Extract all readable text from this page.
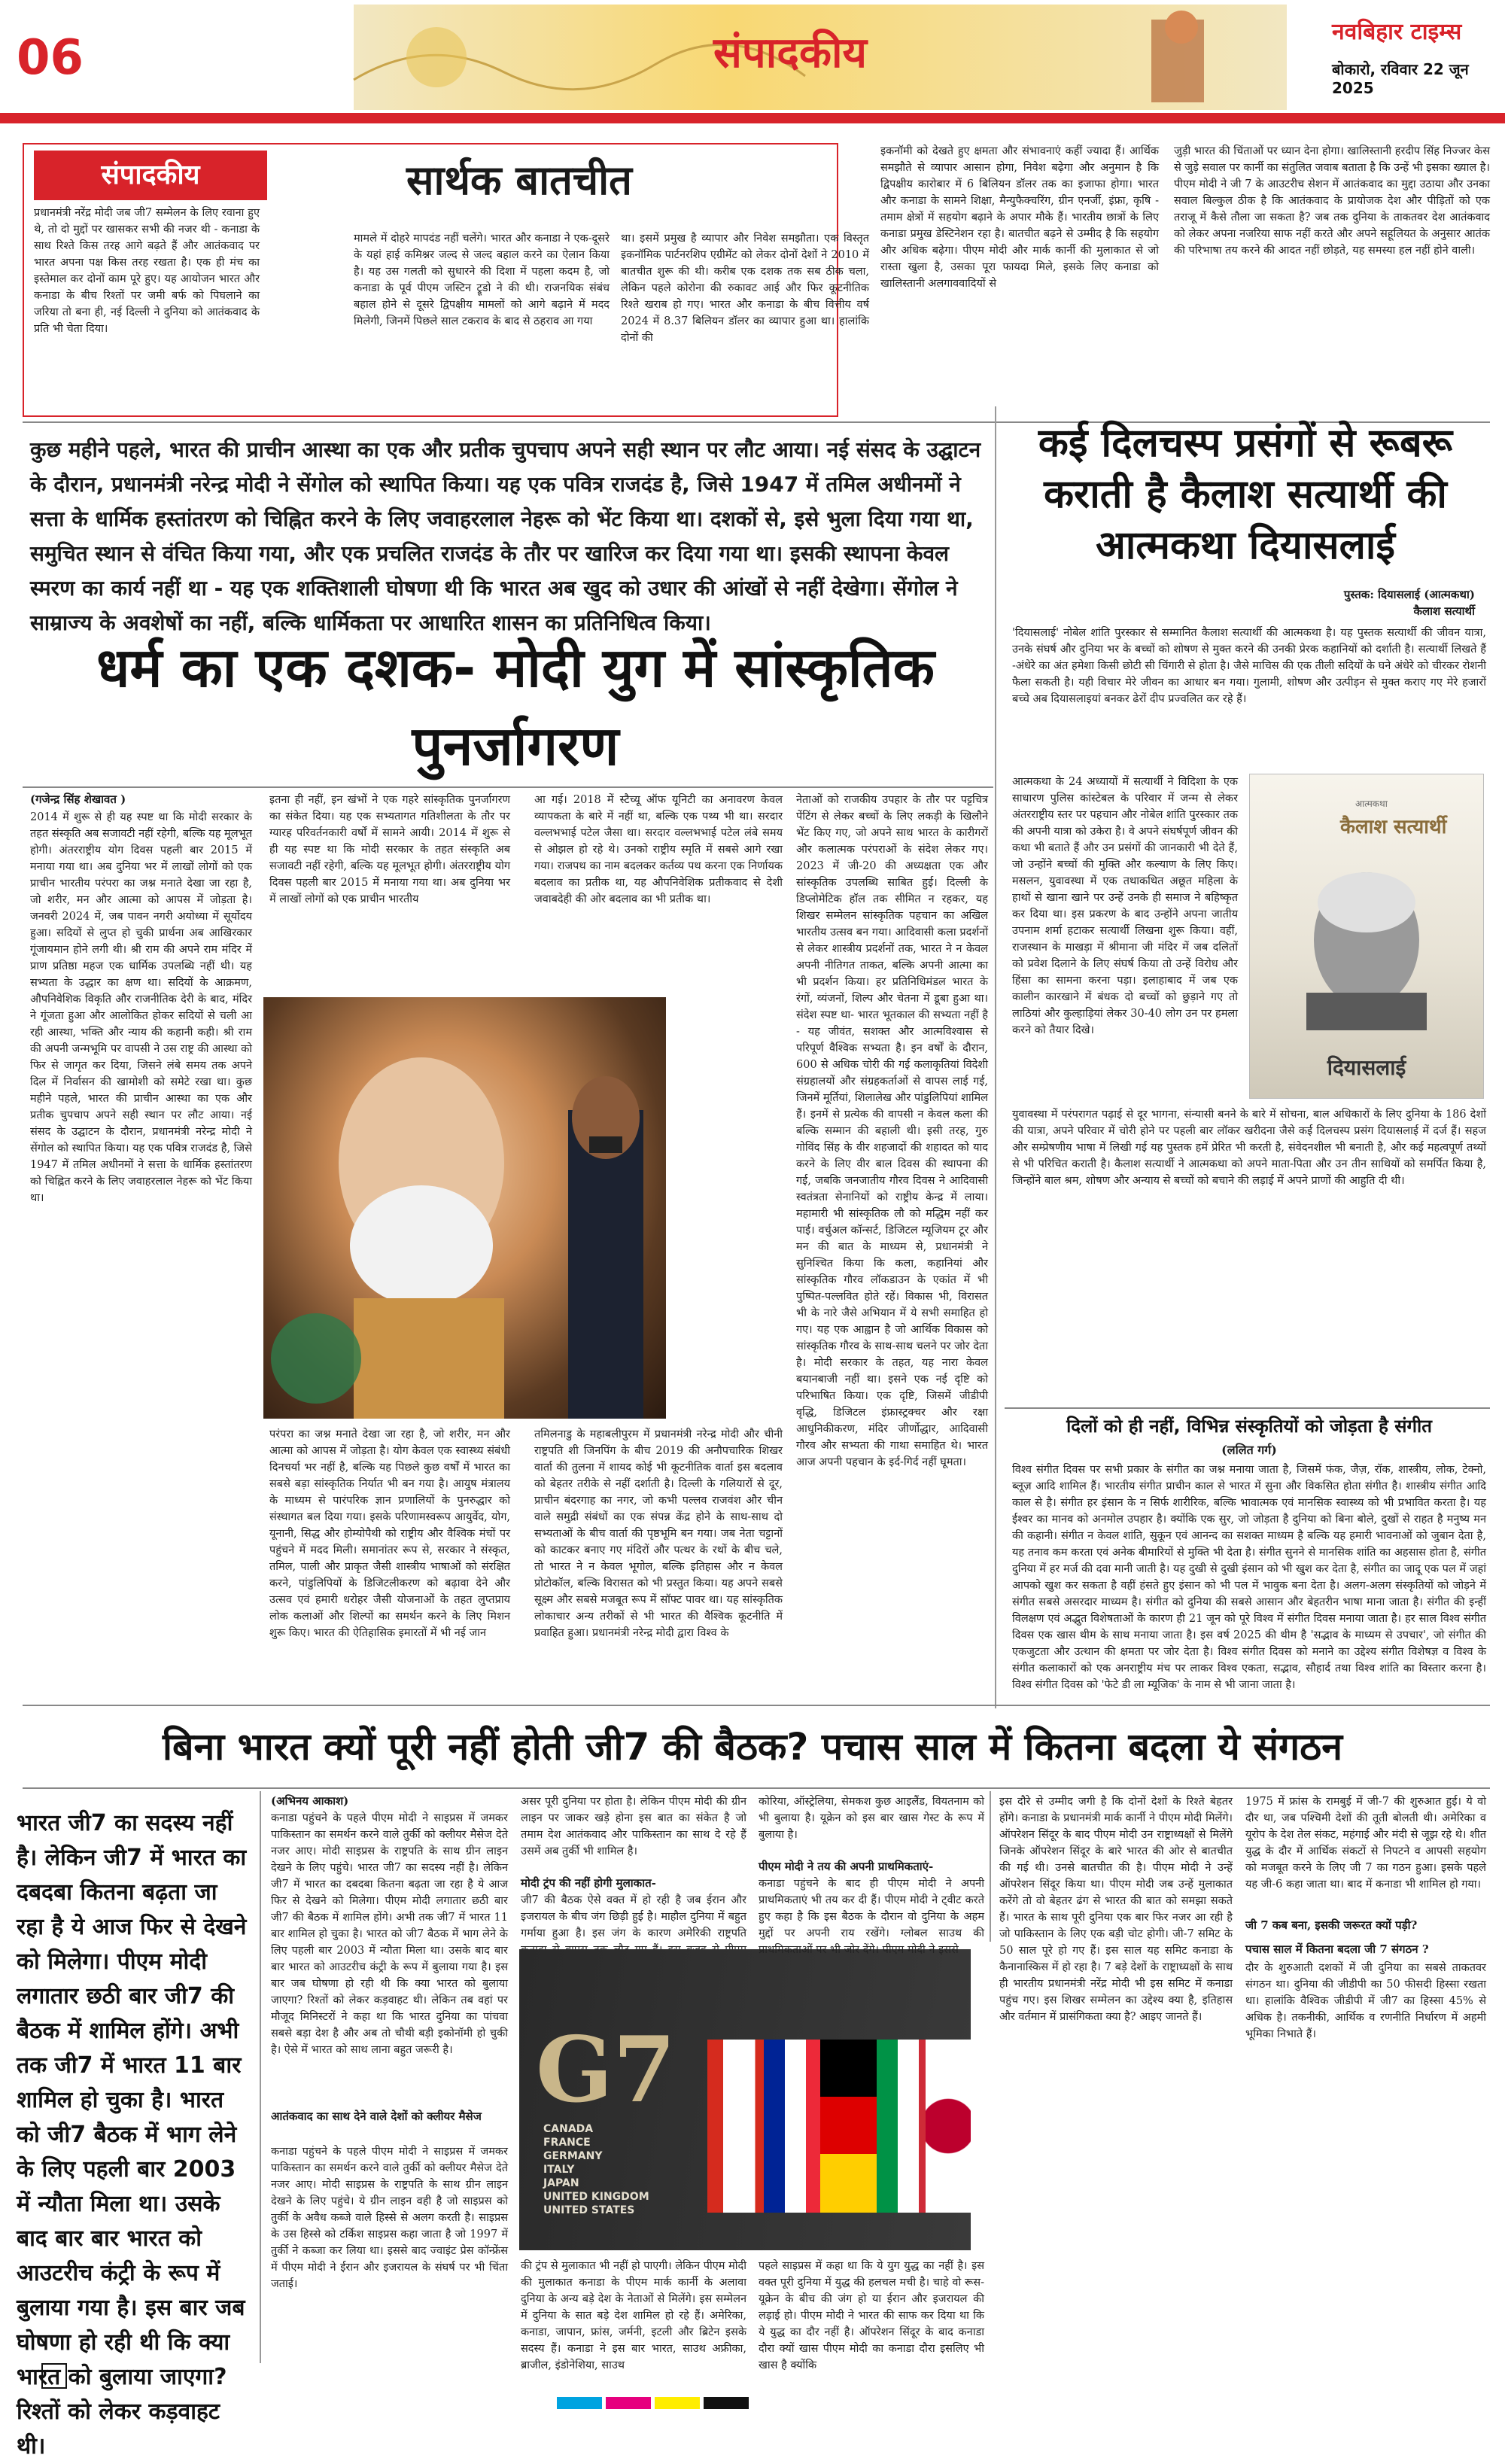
06	संपादकीय	नवबिहार टाइम्स
बोकारो, रविवार 22 जून 2025
संपादकीय	सार्थक बातचीत
प्रधानमंत्री नरेंद्र मोदी जब जी7 सम्मेलन के लिए रवाना हुए थे, तो दो मुद्दों पर खासकर सभी की नजर थी - कनाडा के साथ रिश्ते किस तरह आगे बढ़ते हैं और आतंकवाद पर भारत अपना पक्ष किस तरह रखता है। एक ही मंच का इस्तेमाल कर दोनों काम पूरे हुए। यह आयोजन भारत और कनाडा के बीच रिश्तों पर जमी बर्फ को पिघलाने का जरिया तो बना ही, नई दिल्ली ने दुनिया को आतंकवाद के प्रति भी चेता दिया।
मामले में दोहरे मापदंड नहीं चलेंगे। भारत और कनाडा ने एक-दूसरे के यहां हाई कमिश्नर जल्द से जल्द बहाल करने का ऐलान किया है। यह उस गलती को सुधारने की दिशा में पहला कदम है, जो कनाडा के पूर्व पीएम जस्टिन ट्रूडो ने की थी। राजनयिक संबंध बहाल होने से दूसरे द्विपक्षीय मामलों को आगे बढ़ाने में मदद मिलेगी, जिनमें पिछले साल टकराव के बाद से ठहराव आ गया
था। इसमें प्रमुख है व्यापार और निवेश समझौता। एक विस्तृत इकनॉमिक पार्टनरशिप एग्रीमेंट को लेकर दोनों देशों ने 2010 में बातचीत शुरू की थी। करीब एक दशक तक सब ठीक चला, लेकिन पहले कोरोना की रुकावट आई और फिर कूटनीतिक रिश्ते खराब हो गए। भारत और कनाडा के बीच वित्तीय वर्ष 2024 में 8.37 बिलियन डॉलर का व्यापार हुआ था। हालांकि दोनों की
इकनॉमी को देखते हुए क्षमता और संभावनाएं कहीं ज्यादा हैं। आर्थिक समझौते से व्यापार आसान होगा, निवेश बढ़ेगा और अनुमान है कि द्विपक्षीय कारोबार में 6 बिलियन डॉलर तक का इजाफा होगा। भारत और कनाडा के सामने शिक्षा, मैन्युफैक्चरिंग, ग्रीन एनर्जी, इंफ्रा, कृषि - तमाम क्षेत्रों में सहयोग बढ़ाने के अपार मौके हैं। भारतीय छात्रों के लिए कनाडा प्रमुख डेस्टिनेशन रहा है। बातचीत बढ़ने से उम्मीद है कि सहयोग और अधिक बढ़ेगा। पीएम मोदी और मार्क कार्नी की मुलाकात से जो रास्ता खुला है, उसका पूरा फायदा मिले, इसके लिए कनाडा को खालिस्तानी अलगाववादियों से
जुड़ी भारत की चिंताओं पर ध्यान देना होगा। खालिस्तानी हरदीप सिंह निज्जर केस से जुड़े सवाल पर कार्नी का संतुलित जवाब बताता है कि उन्हें भी इसका ख्याल है। पीएम मोदी ने जी 7 के आउटरीच सेशन में आतंकवाद का मुद्दा उठाया और उनका सवाल बिल्कुल ठीक है कि आतंकवाद के प्रायोजक देश और पीड़ितों को एक तराजू में कैसे तौला जा सकता है? जब तक दुनिया के ताकतवर देश आतंकवाद को लेकर अपना नजरिया साफ नहीं करते और अपने सहूलियत के अनुसार आतंक की परिभाषा तय करने की आदत नहीं छोड़ते, यह समस्या हल नहीं होने वाली।
कुछ महीने पहले, भारत की प्राचीन आस्था का एक और प्रतीक चुपचाप अपने सही स्थान पर लौट आया। नई संसद के उद्घाटन के दौरान, प्रधानमंत्री नरेन्द्र मोदी ने सेंगोल को स्थापित किया। यह एक पवित्र राजदंड है, जिसे 1947 में तमिल अधीनमों ने सत्ता के धार्मिक हस्तांतरण को चिह्नित करने के लिए जवाहरलाल नेहरू को भेंट किया था। दशकों से, इसे भुला दिया गया था, समुचित स्थान से वंचित किया गया, और एक प्रचलित राजदंड के तौर पर खारिज कर दिया गया था। इसकी स्थापना केवल स्मरण का कार्य नहीं था - यह एक शक्तिशाली घोषणा थी कि भारत अब खुद को उधार की आंखों से नहीं देखेगा। सेंगोल ने साम्राज्य के अवशेषों का नहीं, बल्कि धार्मिकता पर आधारित शासन का प्रतिनिधित्व किया।
धर्म का एक दशक- मोदी युग में सांस्कृतिक पुनर्जागरण
(गजेन्द्र सिंह शेखावत )
2014 में शुरू से ही यह स्पष्ट था कि मोदी सरकार के तहत संस्कृति अब सजावटी नहीं रहेगी, बल्कि यह मूलभूत होगी। अंतरराष्ट्रीय योग दिवस पहली बार 2015 में मनाया गया था। अब दुनिया भर में लाखों लोगों को एक प्राचीन भारतीय परंपरा का जश्न मनाते देखा जा रहा है, जो शरीर, मन और आत्मा को आपस में जोड़ता है। जनवरी 2024 में, जब पावन नगरी अयोध्या में सूर्योदय हुआ। सदियों से लुप्त हो चुकी प्रार्थना अब आखिरकार गूंजायमान होने लगी थी। श्री राम की अपने राम मंदिर में प्राण प्रतिष्ठा महज एक धार्मिक उपलब्धि नहीं थी। यह सभ्यता के उद्धार का क्षण था। सदियों के आक्रमण, औपनिवेशिक विकृति और राजनीतिक देरी के बाद, मंदिर ने गूंजता हुआ और आलोकित होकर सदियों से चली आ रही आस्था, भक्ति और न्याय की कहानी कही। श्री राम की अपनी जन्मभूमि पर वापसी ने उस राष्ट्र की आस्था को फिर से जागृत कर दिया, जिसने लंबे समय तक अपने दिल में निर्वासन की खामोशी को समेटे रखा था। कुछ महीने पहले, भारत की प्राचीन आस्था का एक और प्रतीक चुपचाप अपने सही स्थान पर लौट आया। नई संसद के उद्घाटन के दौरान, प्रधानमंत्री नरेन्द्र मोदी ने सेंगोल को स्थापित किया। यह एक पवित्र राजदंड है, जिसे 1947 में तमिल अधीनमों ने सत्ता के धार्मिक हस्तांतरण को चिह्नित करने के लिए जवाहरलाल नेहरू को भेंट किया था।
इतना ही नहीं, इन खंभों ने एक गहरे सांस्कृतिक पुनर्जागरण का संकेत दिया। यह एक सभ्यतागत गतिशीलता के तौर पर ग्यारह परिवर्तनकारी वर्षों में सामने आयी। 2014 में शुरू से ही यह स्पष्ट था कि मोदी सरकार के तहत संस्कृति अब सजावटी नहीं रहेगी, बल्कि यह मूलभूत होगी। अंतरराष्ट्रीय योग दिवस पहली बार 2015 में मनाया गया था। अब दुनिया भर में लाखों लोगों को एक प्राचीन भारतीय
आ गई। 2018 में स्टैच्यू ऑफ यूनिटी का अनावरण केवल व्यापकता के बारे में नहीं था, बल्कि एक पथ्य भी था। सरदार वल्लभभाई पटेल जैसा था। सरदार वल्लभभाई पटेल लंबे समय से ओझल हो रहे थे। उनको राष्ट्रीय स्मृति में सबसे आगे रखा गया। राजपथ का नाम बदलकर कर्तव्य पथ करना एक निर्णायक बदलाव का प्रतीक था, यह औपनिवेशिक प्रतीकवाद से देशी जवाबदेही की ओर बदलाव का भी प्रतीक था।
परंपरा का जश्न मनाते देखा जा रहा है, जो शरीर, मन और आत्मा को आपस में जोड़ता है। योग केवल एक स्वास्थ्य संबंधी दिनचर्या भर नहीं है, बल्कि यह पिछले कुछ वर्षों में भारत का सबसे बड़ा सांस्कृतिक निर्यात भी बन गया है। आयुष मंत्रालय के माध्यम से पारंपरिक ज्ञान प्रणालियों के पुनरुद्धार को संस्थागत बल दिया गया। इसके परिणामस्वरूप आयुर्वेद, योग, यूनानी, सिद्ध और होम्योपैथी को राष्ट्रीय और वैश्विक मंचों पर पहुंचने में मदद मिली। समानांतर रूप से, सरकार ने संस्कृत, तमिल, पाली और प्राकृत जैसी शास्त्रीय भाषाओं को संरक्षित करने, पांडुलिपियों के डिजिटलीकरण को बढ़ावा देने और उत्सव एवं हमारी धरोहर जैसी योजनाओं के तहत लुप्तप्राय लोक कलाओं और शिल्पों का समर्थन करने के लिए मिशन शुरू किए। भारत की ऐतिहासिक इमारतों में भी नई जान
तमिलनाडु के महाबलीपुरम में प्रधानमंत्री नरेन्द्र मोदी और चीनी राष्ट्रपति शी जिनपिंग के बीच 2019 की अनौपचारिक शिखर वार्ता की तुलना में शायद कोई भी कूटनीतिक वार्ता इस बदलाव को बेहतर तरीके से नहीं दर्शाती है। दिल्ली के गलियारों से दूर, प्राचीन बंदरगाह का नगर, जो कभी पल्लव राजवंश और चीन वाले समुद्री संबंधों का एक संपन्न केंद्र होने के साथ-साथ दो सभ्यताओं के बीच वार्ता की पृष्ठभूमि बन गया। जब नेता चट्टानों को काटकर बनाए गए मंदिरों और पत्थर के रथों के बीच चले, तो भारत ने न केवल भूगोल, बल्कि इतिहास और न केवल प्रोटोकॉल, बल्कि विरासत को भी प्रस्तुत किया। यह अपने सबसे सूक्ष्म और सबसे मजबूत रूप में सॉफ्ट पावर था। यह सांस्कृतिक लोकाचार अन्य तरीकों से भी भारत की वैश्विक कूटनीति में प्रवाहित हुआ। प्रधानमंत्री नरेन्द्र मोदी द्वारा विश्व के
नेताओं को राजकीय उपहार के तौर पर पट्टचित्र पेंटिंग से लेकर बच्चों के लिए लकड़ी के खिलौने भेंट किए गए, जो अपने साथ भारत के कारीगरों और कलात्मक परंपराओं के संदेश लेकर गए। 2023 में जी-20 की अध्यक्षता एक और सांस्कृतिक उपलब्धि साबित हुई। दिल्ली के डिप्लोमेटिक हॉल तक सीमित न रहकर, यह शिखर सम्मेलन सांस्कृतिक पहचान का अखिल भारतीय उत्सव बन गया। आदिवासी कला प्रदर्शनों से लेकर शास्त्रीय प्रदर्शनों तक, भारत ने न केवल अपनी नीतिगत ताकत, बल्कि अपनी आत्मा का भी प्रदर्शन किया। हर प्रतिनिधिमंडल भारत के रंगों, व्यंजनों, शिल्प और चेतना में डूबा हुआ था। संदेश स्पष्ट था- भारत भूतकाल की सभ्यता नहीं है - यह जीवंत, सशक्त और आत्मविश्वास से परिपूर्ण वैश्विक सभ्यता है। इन वर्षों के दौरान, 600 से अधिक चोरी की गई कलाकृतियां विदेशी संग्रहालयों और संग्रहकर्ताओं से वापस लाई गई, जिनमें मूर्तियां, शिलालेख और पांडुलिपियां शामिल हैं। इनमें से प्रत्येक की वापसी न केवल कला की बल्कि सम्मान की बहाली थी। इसी तरह, गुरु गोविंद सिंह के वीर शहजादों की शहादत को याद करने के लिए वीर बाल दिवस की स्थापना की गई, जबकि जनजातीय गौरव दिवस ने आदिवासी स्वतंत्रता सेनानियों को राष्ट्रीय केन्द्र में लाया। महामारी भी सांस्कृतिक लौ को मद्धिम नहीं कर पाई। वर्चुअल कॉन्सर्ट, डिजिटल म्यूजियम टूर और मन की बात के माध्यम से, प्रधानमंत्री ने सुनिश्चित किया कि कला, कहानियां और सांस्कृतिक गौरव लॉकडाउन के एकांत में भी पुष्पित-पल्लवित होते रहें। विकास भी, विरासत भी के नारे जैसे अभियान में ये सभी समाहित हो गए। यह एक आह्वान है जो आर्थिक विकास को सांस्कृतिक गौरव के साथ-साथ चलने पर जोर देता है। मोदी सरकार के तहत, यह नारा केवल बयानबाजी नहीं था। इसने एक नई दृष्टि को परिभाषित किया। एक दृष्टि, जिसमें जीडीपी वृद्धि, डिजिटल इंफ्रास्ट्रक्चर और रक्षा आधुनिकीकरण, मंदिर जीर्णोद्धार, आदिवासी गौरव और सभ्यता की गाथा समाहित थे। भारत आज अपनी पहचान के इर्द-गिर्द नहीं घूमता।
कई दिलचस्प प्रसंगों से रूबरू कराती है कैलाश सत्यार्थी की आत्मकथा दियासलाई
पुस्तक: दियासलाई (आत्मकथा)
कैलाश सत्यार्थी
'दियासलाई' नोबेल शांति पुरस्कार से सम्मानित कैलाश सत्यार्थी की आत्मकथा है। यह पुस्तक सत्यार्थी की जीवन यात्रा, उनके संघर्ष और दुनिया भर के बच्चों को शोषण से मुक्त करने की उनकी प्रेरक कहानियों को दर्शाती है। सत्यार्थी लिखते हैं -अंधेरे का अंत हमेशा किसी छोटी सी चिंगारी से होता है। जैसे माचिस की एक तीली सदियों के घने अंधेरे को चीरकर रोशनी फैला सकती है। यही विचार मेरे जीवन का आधार बन गया। गुलामी, शोषण और उत्पीड़न से मुक्त कराए गए मेरे हजारों बच्चे अब दियासलाइयां बनकर ढेरों दीप प्रज्वलित कर रहे हैं।
आत्मकथा
कैलाश सत्यार्थी
दियासलाई
आत्मकथा के 24 अध्यायों में सत्यार्थी ने विदिशा के एक साधारण पुलिस कांस्टेबल के परिवार में जन्म से लेकर अंतरराष्ट्रीय स्तर पर पहचान और नोबेल शांति पुरस्कार तक की अपनी यात्रा को उकेरा है। वे अपने संघर्षपूर्ण जीवन की कथा भी बताते हैं और उन प्रसंगों की जानकारी भी देते हैं, जो उन्होंने बच्चों की मुक्ति और कल्याण के लिए किए। मसलन, युवावस्था में एक तथाकथित अछूत महिला के हाथों से खाना खाने पर उन्हें उनके ही समाज ने बहिष्कृत कर दिया था। इस प्रकरण के बाद उन्होंने अपना जातीय उपनाम शर्मा हटाकर सत्यार्थी लिखना शुरू किया। वहीं, राजस्थान के माखड़ा में श्रीमाना जी मंदिर में जब दलितों को प्रवेश दिलाने के लिए संघर्ष किया तो उन्हें विरोध और हिंसा का सामना करना पड़ा। इलाहाबाद में जब एक कालीन कारखाने में बंधक दो बच्चों को छुड़ाने गए तो लाठियां और कुल्हाड़ियां लेकर 30-40 लोग उन पर हमला करने को तैयार दिखे।
युवावस्था में परंपरागत पढ़ाई से दूर भागना, संन्यासी बनने के बारे में सोचना, बाल अधिकारों के लिए दुनिया के 186 देशों की यात्रा, अपने परिवार में चोरी होने पर पहली बार लॉकर खरीदना जैसे कई दिलचस्प प्रसंग दियासलाई में दर्ज हैं। सहज और सम्प्रेषणीय भाषा में लिखी गई यह पुस्तक हमें प्रेरित भी करती है, संवेदनशील भी बनाती है, और कई महत्वपूर्ण तथ्यों से भी परिचित कराती है। कैलाश सत्यार्थी ने आत्मकथा को अपने माता-पिता और उन तीन साथियों को समर्पित किया है, जिन्होंने बाल श्रम, शोषण और अन्याय से बच्चों को बचाने की लड़ाई में अपने प्राणों की आहुति दी थी।
दिलों को ही नहीं, विभिन्न संस्कृतियों को जोड़ता है संगीत
(ललित गर्ग)
विश्व संगीत दिवस पर सभी प्रकार के संगीत का जश्न मनाया जाता है, जिसमें फंक, जैज़, रॉक, शास्त्रीय, लोक, टेक्नो, ब्लूज़ आदि शामिल हैं। भारतीय संगीत प्राचीन काल से भारत में सुना और विकसित होता संगीत है। शास्त्रीय संगीत आदि काल से है। संगीत हर इंसान के न सिर्फ शारीरिक, बल्कि भावात्मक एवं मानसिक स्वास्थ्य को भी प्रभावित करता है। यह ईश्वर का मानव को अनमोल उपहार है। क्योंकि एक सुर, जो जोड़ता है दुनिया को बिना बोले, दुखों से राहत है मनुष्य मन की कहानी। संगीत न केवल शांति, सुकून एवं आनन्द का सशक्त माध्यम है बल्कि यह हमारी भावनाओं को जुबान देता है, यह तनाव कम करता एवं अनेक बीमारियों से मुक्ति भी देता है। संगीत सुनने से मानसिक शांति का अहसास होता है, संगीत दुनिया में हर मर्ज की दवा मानी जाती है। यह दुखी से दुखी इंसान को भी खुश कर देता है, संगीत का जादू एक पल में जहां आपको खुश कर सकता है वहीं हंसते हुए इंसान को भी पल में भावुक बना देता है। अलग-अलग संस्कृतियों को जोड़ने में संगीत सबसे असरदार माध्यम है। संगीत को दुनिया की सबसे आसान और बेहतरीन भाषा माना जाता है। संगीत की इन्हीं विलक्षण एवं अद्भुत विशेषताओं के कारण ही 21 जून को पूरे विश्व में संगीत दिवस मनाया जाता है। हर साल विश्व संगीत दिवस एक खास थीम के साथ मनाया जाता है। इस वर्ष 2025 की थीम है 'सद्भाव के माध्यम से उपचार', जो संगीत की एकजुटता और उत्थान की क्षमता पर जोर देता है। विश्व संगीत दिवस को मनाने का उद्देश्य संगीत विशेषज्ञ व विश्व के संगीत कलाकारों को एक अनराष्ट्रीय मंच पर लाकर विश्व एकता, सद्भाव, सौहार्द तथा विश्व शांति का विस्तार करना है। विश्व संगीत दिवस को 'फेटे डी ला म्यूजिक' के नाम से भी जाना जाता है।
बिना भारत क्यों पूरी नहीं होती जी7 की बैठक? पचास साल में कितना बदला ये संगठन
भारत जी7 का सदस्य नहीं है। लेकिन जी7 में भारत का दबदबा कितना बढ़ता जा रहा है ये आज फिर से देखने को मिलेगा। पीएम मोदी लगातार छठी बार जी7 की बैठक में शामिल होंगे। अभी तक जी7 में भारत 11 बार शामिल हो चुका है। भारत को जी7 बैठक में भाग लेने के लिए पहली बार 2003 में न्यौता मिला था। उसके बाद बार बार भारत को आउटरीच कंट्री के रूप में बुलाया गया है। इस बार जब घोषणा हो रही थी कि क्या भारत को बुलाया जाएगा? रिश्तों को लेकर कड़वाहट थी।
(अभिनय आकाश)
कनाडा पहुंचने के पहले पीएम मोदी ने साइप्रस में जमकर पाकिस्तान का समर्थन करने वाले तुर्की को क्लीयर मैसेज देते नजर आए। मोदी साइप्रस के राष्ट्रपति के साथ ग्रीन लाइन देखने के लिए पहुंचे। भारत जी7 का सदस्य नहीं है। लेकिन जी7 में भारत का दबदबा कितना बढ़ता जा रहा है ये आज फिर से देखने को मिलेगा। पीएम मोदी लगातार छठी बार जी7 की बैठक में शामिल होंगे। अभी तक जी7 में भारत 11 बार शामिल हो चुका है। भारत को जी7 बैठक में भाग लेने के लिए पहली बार 2003 में न्यौता मिला था। उसके बाद बार बार भारत को आउटरीच कंट्री के रूप में बुलाया गया है। इस बार जब घोषणा हो रही थी कि क्या भारत को बुलाया जाएगा? रिश्तों को लेकर कड़वाहट थी। लेकिन तब वहां पर मौजूद मिनिस्टरों ने कहा था कि भारत दुनिया का पांचवा सबसे बड़ा देश है और अब तो चौथी बड़ी इकोनॉमी हो चुकी है। ऐसे में भारत को साथ लाना बहुत जरूरी है।
आतंकवाद का साथ देने वाले देशों को क्लीयर मैसेज
कनाडा पहुंचने के पहले पीएम मोदी ने साइप्रस में जमकर पाकिस्तान का समर्थन करने वाले तुर्की को क्लीयर मैसेज देते नजर आए। मोदी साइप्रस के राष्ट्रपति के साथ ग्रीन लाइन देखने के लिए पहुंचे। ये ग्रीन लाइन वही है जो साइप्रस को तुर्की के अवैध कब्जे वाले हिस्से से अलग करती है। साइप्रस के उस हिस्से को टर्किश साइप्रस कहा जाता है जो 1997 में तुर्की ने कब्जा कर लिया था। इससे बाद ज्वाइंट प्रेस कॉन्फ्रेंस में पीएम मोदी ने ईरान और इजरायल के संघर्ष पर भी चिंता जताई।
असर पूरी दुनिया पर होता है। लेकिन पीएम मोदी की ग्रीन लाइन पर जाकर खड़े होना इस बात का संकेत है जो तमाम देश आतंकवाद और पाकिस्तान का साथ दे रहे हैं उसमें अब तुर्की भी शामिल है।
मोदी ट्रंप की नहीं होगी मुलाकात-
जी7 की बैठक ऐसे वक्त में हो रही है जब ईरान और इजरायल के बीच जंग छिड़ी हुई है। माहौल दुनिया में बहुत गर्माया हुआ है। इस जंग के कारण अमेरिकी राष्ट्रपति
G7
CANADA
FRANCE
GERMANY
ITALY
JAPAN
UNITED KINGDOM
UNITED STATES
की ट्रंप से मुलाकात भी नहीं हो पाएगी। लेकिन पीएम मोदी की मुलाकात कनाडा के पीएम मार्क कार्नी के अलावा दुनिया के अन्य बड़े देश के नेताओं से मिलेंगे। इस सम्मेलन में दुनिया के सात बड़े देश शामिल हो रहे हैं। अमेरिका, कनाडा, जापान, फ्रांस, जर्मनी, इटली और ब्रिटेन इसके सदस्य हैं। कनाडा ने इस बार भारत, साउथ अफ्रीका, ब्राजील, इंडोनेशिया, साउथ
कोरिया, ऑस्ट्रेलिया, सेमकश कुछ आइलैंड, वियतनाम को भी बुलाया है। यूक्रेन को इस बार खास गेस्ट के रूप में बुलाया है।
पीएम मोदी ने तय की अपनी प्राथमिकताएं-
कनाडा पहुंचने के बाद ही पीएम मोदी ने अपनी प्राथमिकताएं भी तय कर दी हैं। पीएम मोदी ने ट्वीट करते हुए कहा है कि इस बैठक के दौरान वो दुनिया के अहम मुद्दों पर अपनी राय रखेंगे। ग्लोबल साउथ की प्राथमिकताओं पर भी जोर देंगे। पीएम मोदी ने इससे
पहले साइप्रस में कहा था कि ये युग युद्ध का नहीं है। इस वक्त पूरी दुनिया में युद्ध की हलचल मची है। चाहे वो रूस-यूक्रेन के बीच की जंग हो या ईरान और इजरायल की लड़ाई हो। पीएम मोदी ने भारत की साफ कर दिया था कि ये युद्ध का दौर नहीं है। ऑपरेशन सिंदूर के बाद कनाडा दौरा क्यों खास पीएम मोदी का कनाडा दौरा इसलिए भी खास है क्योंकि
इस दौरे से उम्मीद जगी है कि दोनों देशों के रिश्ते बेहतर होंगे। कनाडा के प्रधानमंत्री मार्क कार्नी ने पीएम मोदी मिलेंगे। ऑपरेशन सिंदूर के बाद पीएम मोदी उन राष्ट्राध्यक्षों से मिलेंगे जिनके ऑपरेशन सिंदूर के बारे भारत की ओर से बातचीत की गई थी। उनसे बातचीत की है। पीएम मोदी ने उन्हें ऑपरेशन सिंदूर किया था। पीएम मोदी जब उन्हें मुलाकात करेंगे तो वो बेहतर ढंग से भारत की बात को समझा सकते हैं। भारत के साथ पूरी दुनिया एक बार फिर नजर आ रही है जो पाकिस्तान के लिए एक बड़ी चोट होगी। जी-7 समिट के 50 साल पूरे हो गए हैं। इस साल यह समिट कनाडा के कैनानास्किस में हो रहा है। 7 बड़े देशों के राष्ट्राध्यक्षों के साथ ही भारतीय प्रधानमंत्री नरेंद्र मोदी भी इस समिट में कनाडा पहुंच गए। इस शिखर सम्मेलन का उद्देश्य क्या है, इतिहास और वर्तमान में प्रासंगिकता क्या है? आइए जानते हैं।
1975 में फ्रांस के रामबुई में जी-7 की शुरुआत हुई। ये वो दौर था, जब पश्चिमी देशों की तूती बोलती थी। अमेरिका व यूरोप के देश तेल संकट, महंगाई और मंदी से जूझ रहे थे। शीत युद्ध के दौर में आर्थिक संकटों से निपटने व आपसी सहयोग को मजबूत करने के लिए जी 7 का गठन हुआ। इसके पहले यह जी-6 कहा जाता था। बाद में कनाडा भी शामिल हो गया।
जी 7 कब बना, इसकी जरूरत क्यों पड़ी?
पचास साल में कितना बदला जी 7 संगठन ?
दौर के शुरुआती दशकों में जी दुनिया का सबसे ताकतवर संगठन था। दुनिया की जीडीपी का 50 फीसदी हिस्सा रखता था। हालांकि वैश्विक जीडीपी में जी7 का हिस्सा 45% से अधिक है। तकनीकी, आर्थिक व रणनीति निर्धारण में अहमी भूमिका निभाते हैं।
